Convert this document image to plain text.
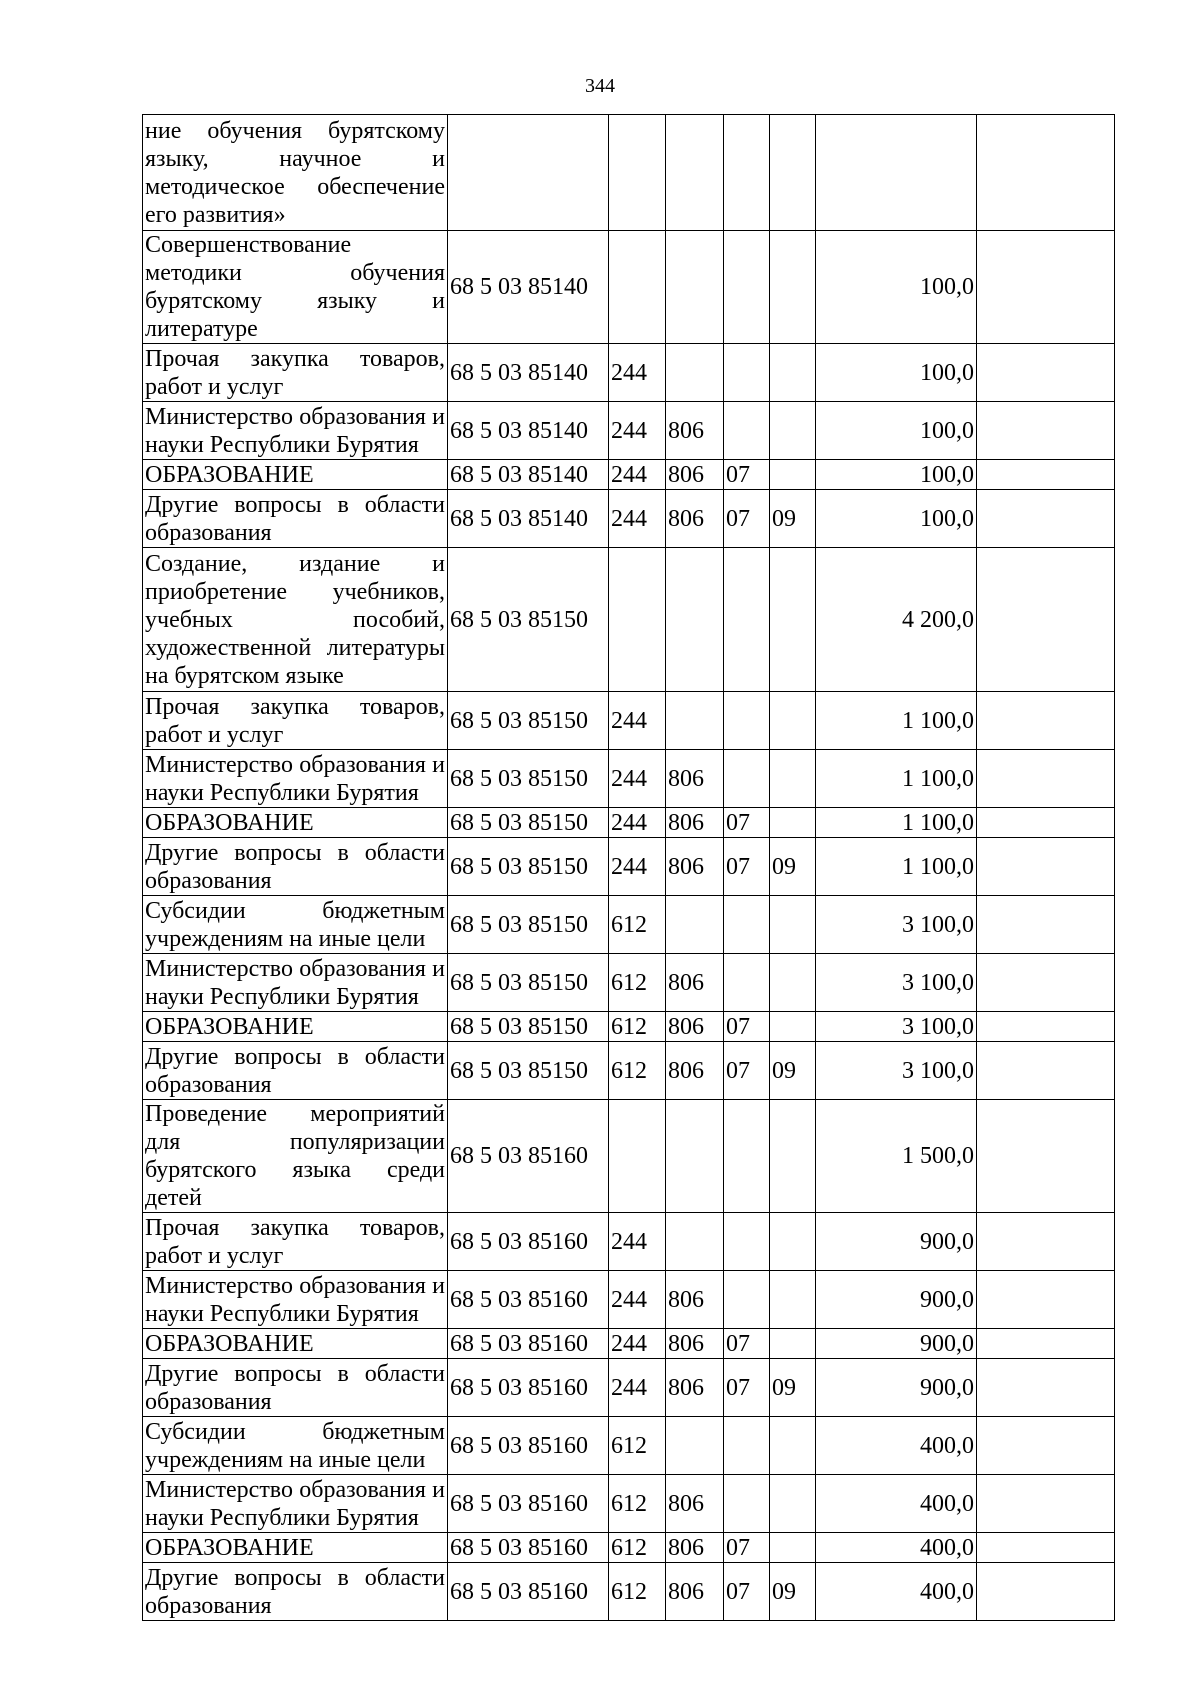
344
ние обучения бурятскому языку, научное и методическое обеспечение его развития»							
Совершенствование методики обучения бурятскому языку и литературе	68 5 03 85140					100,0	
Прочая закупка товаров, работ и услуг	68 5 03 85140	244				100,0	
Министерство образования и науки Республики Бурятия	68 5 03 85140	244	806			100,0	
ОБРАЗОВАНИЕ	68 5 03 85140	244	806	07		100,0	
Другие вопросы в области образования	68 5 03 85140	244	806	07	09	100,0	
Создание, издание и приобретение учебников, учебных пособий, художественной литературы на бурятском языке	68 5 03 85150					4 200,0	
Прочая закупка товаров, работ и услуг	68 5 03 85150	244				1 100,0	
Министерство образования и науки Республики Бурятия	68 5 03 85150	244	806			1 100,0	
ОБРАЗОВАНИЕ	68 5 03 85150	244	806	07		1 100,0	
Другие вопросы в области образования	68 5 03 85150	244	806	07	09	1 100,0	
Субсидии бюджетным учреждениям на иные цели	68 5 03 85150	612				3 100,0	
Министерство образования и науки Республики Бурятия	68 5 03 85150	612	806			3 100,0	
ОБРАЗОВАНИЕ	68 5 03 85150	612	806	07		3 100,0	
Другие вопросы в области образования	68 5 03 85150	612	806	07	09	3 100,0	
Проведение мероприятий для популяризации бурятского языка среди детей	68 5 03 85160					1 500,0	
Прочая закупка товаров, работ и услуг	68 5 03 85160	244				900,0	
Министерство образования и науки Республики Бурятия	68 5 03 85160	244	806			900,0	
ОБРАЗОВАНИЕ	68 5 03 85160	244	806	07		900,0	
Другие вопросы в области образования	68 5 03 85160	244	806	07	09	900,0	
Субсидии бюджетным учреждениям на иные цели	68 5 03 85160	612				400,0	
Министерство образования и науки Республики Бурятия	68 5 03 85160	612	806			400,0	
ОБРАЗОВАНИЕ	68 5 03 85160	612	806	07		400,0	
Другие вопросы в области образования	68 5 03 85160	612	806	07	09	400,0	
